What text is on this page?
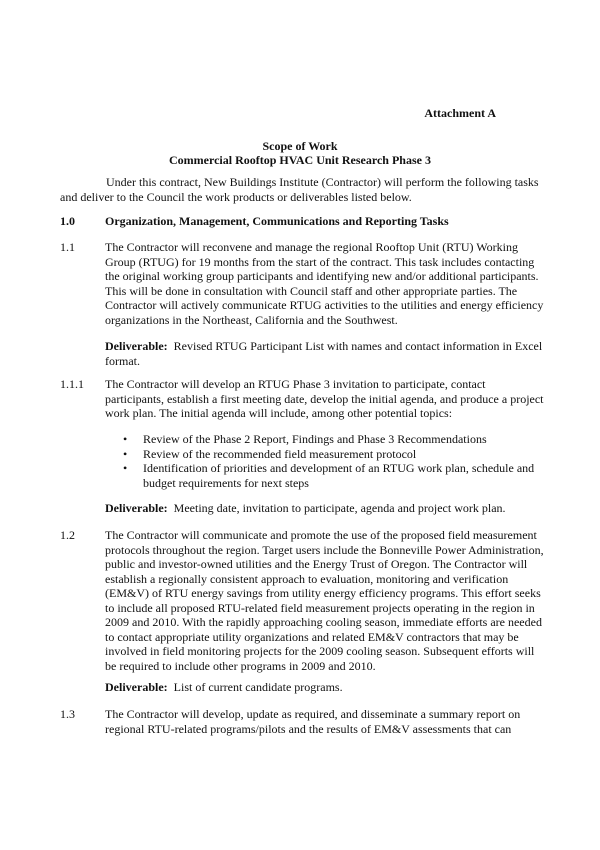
Attachment A
Scope of Work
Commercial Rooftop HVAC Unit Research Phase 3
Under this contract, New Buildings Institute (Contractor) will perform the following tasks and deliver to the Council the work products or deliverables listed below.
1.0	Organization, Management, Communications and Reporting Tasks
1.1	The Contractor will reconvene and manage the regional Rooftop Unit (RTU) Working Group (RTUG) for 19 months from the start of the contract. This task includes contacting the original working group participants and identifying new and/or additional participants. This will be done in consultation with Council staff and other appropriate parties. The Contractor will actively communicate RTUG activities to the utilities and energy efficiency organizations in the Northeast, California and the Southwest.
Deliverable: Revised RTUG Participant List with names and contact information in Excel format.
1.1.1 The Contractor will develop an RTUG Phase 3 invitation to participate, contact participants, establish a first meeting date, develop the initial agenda, and produce a project work plan. The initial agenda will include, among other potential topics:
• Review of the Phase 2 Report, Findings and Phase 3 Recommendations
• Review of the recommended field measurement protocol
• Identification of priorities and development of an RTUG work plan, schedule and budget requirements for next steps
Deliverable: Meeting date, invitation to participate, agenda and project work plan.
1.2	The Contractor will communicate and promote the use of the proposed field measurement protocols throughout the region. Target users include the Bonneville Power Administration, public and investor-owned utilities and the Energy Trust of Oregon. The Contractor will establish a regionally consistent approach to evaluation, monitoring and verification (EM&V) of RTU energy savings from utility energy efficiency programs. This effort seeks to include all proposed RTU-related field measurement projects operating in the region in 2009 and 2010. With the rapidly approaching cooling season, immediate efforts are needed to contact appropriate utility organizations and related EM&V contractors that may be involved in field monitoring projects for the 2009 cooling season. Subsequent efforts will be required to include other programs in 2009 and 2010.
Deliverable: List of current candidate programs.
1.3	The Contractor will develop, update as required, and disseminate a summary report on regional RTU-related programs/pilots and the results of EM&V assessments that can
